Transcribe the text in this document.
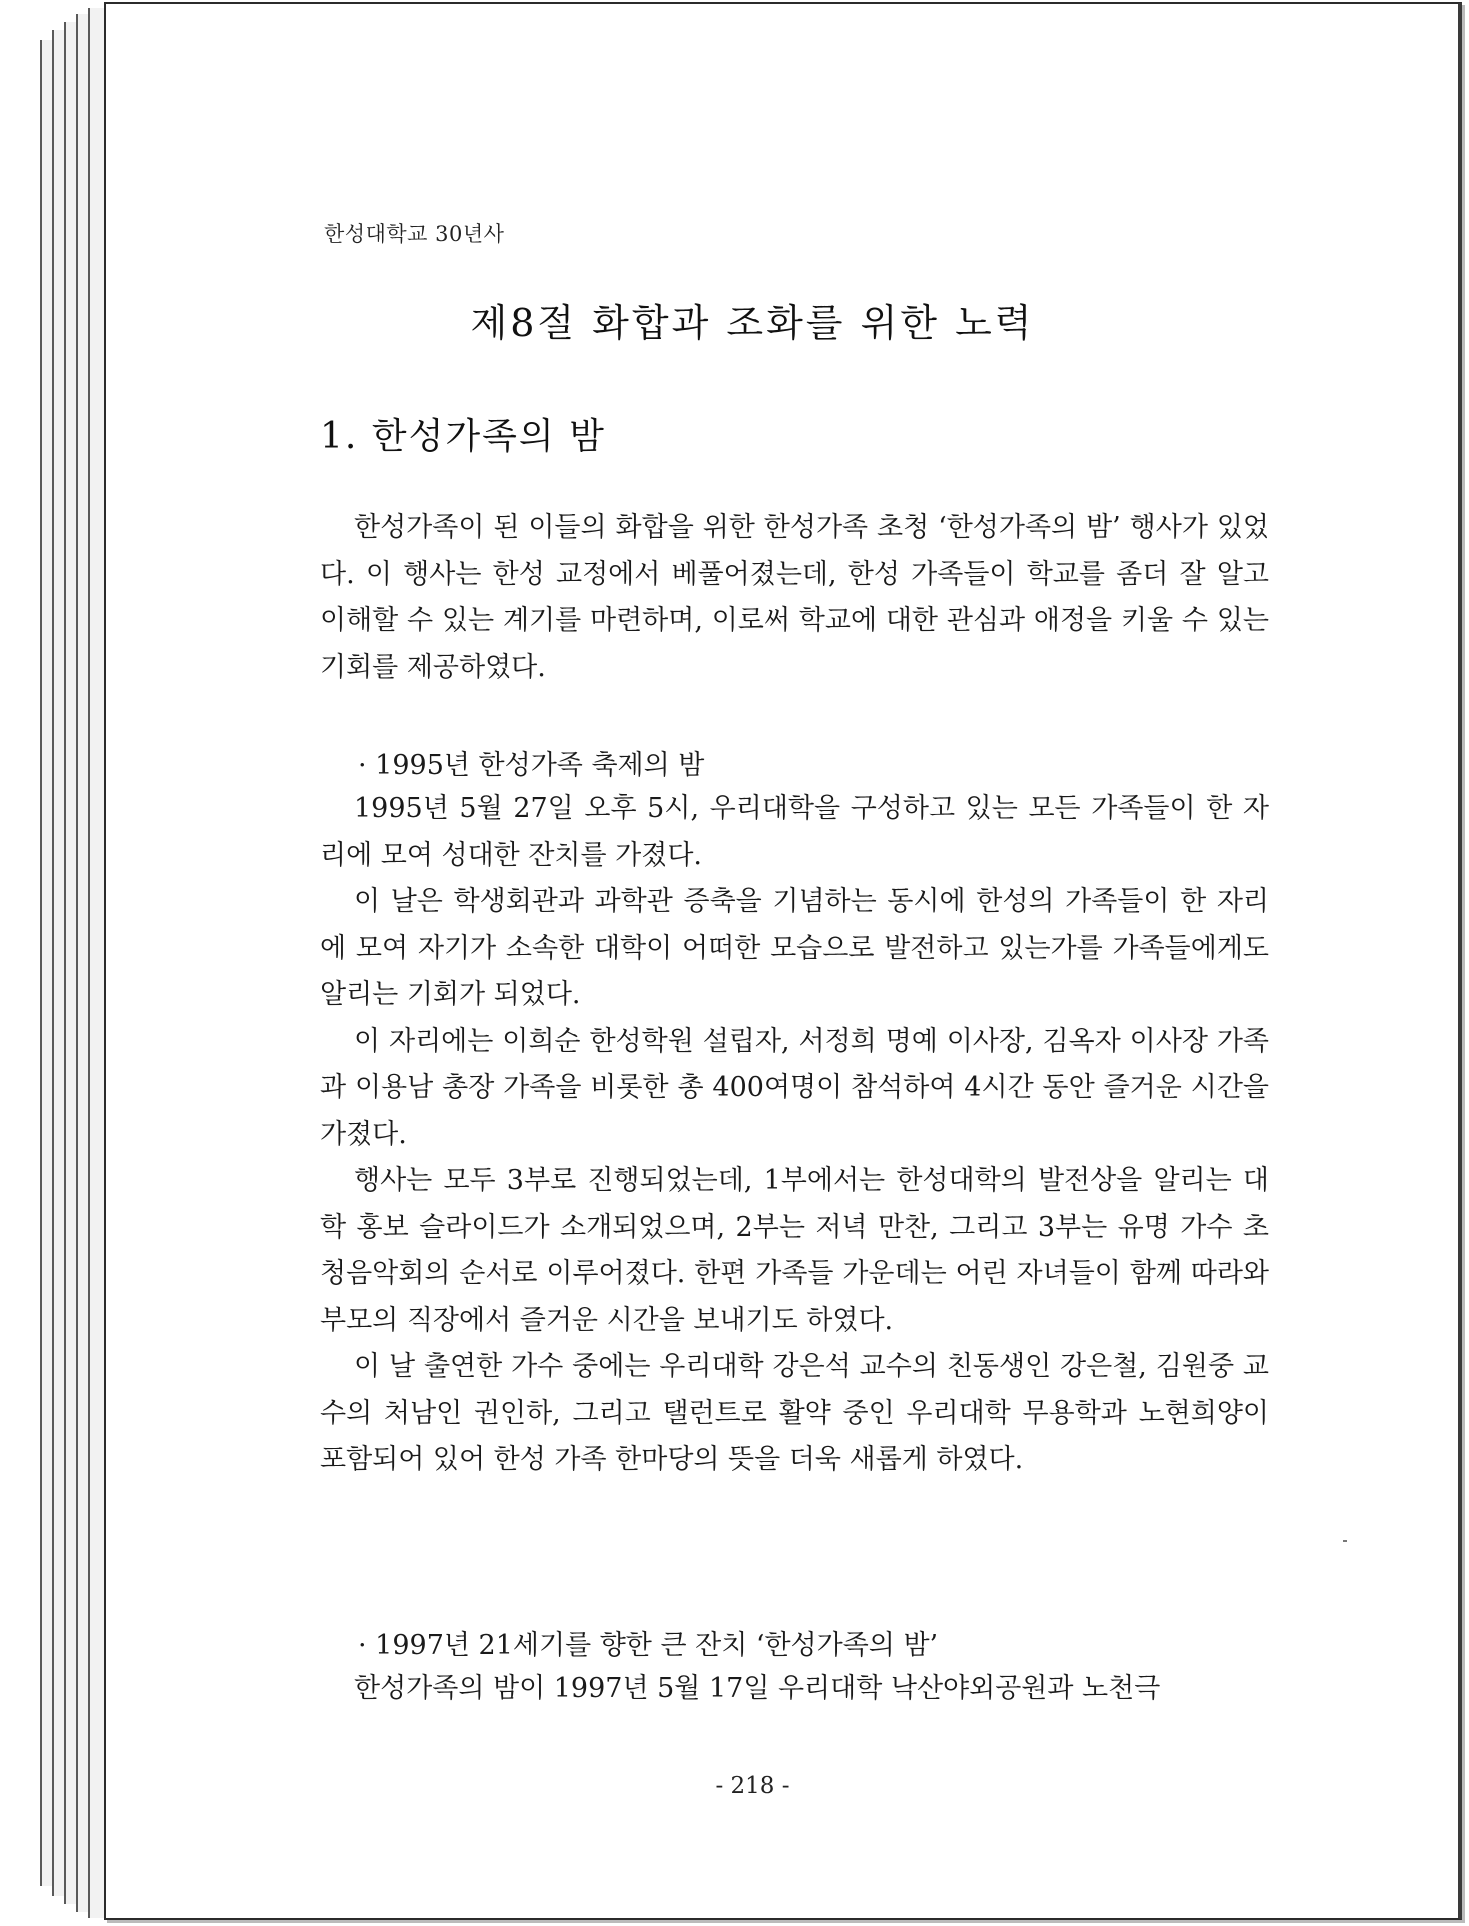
한성대학교 30년사
제8절 화합과 조화를 위한 노력
1. 한성가족의 밤

한성가족이 된 이들의 화합을 위한 한성가족 초청 ‘한성가족의 밤’ 행사가 있었다. 이 행사는 한성 교정에서 베풀어졌는데, 한성 가족들이 학교를 좀더 잘 알고 이해할 수 있는 계기를 마련하며, 이로써 학교에 대한 관심과 애정을 키울 수 있는 기회를 제공하였다.

· 1995년 한성가족 축제의 밤

1995년 5월 27일 오후 5시, 우리대학을 구성하고 있는 모든 가족들이 한 자리에 모여 성대한 잔치를 가졌다.

이 날은 학생회관과 과학관 증축을 기념하는 동시에 한성의 가족들이 한 자리에 모여 자기가 소속한 대학이 어떠한 모습으로 발전하고 있는가를 가족들에게도 알리는 기회가 되었다.

이 자리에는 이희순 한성학원 설립자, 서정희 명예 이사장, 김옥자 이사장 가족과 이용남 총장 가족을 비롯한 총 400여명이 참석하여 4시간 동안 즐거운 시간을 가졌다.

행사는 모두 3부로 진행되었는데, 1부에서는 한성대학의 발전상을 알리는 대학 홍보 슬라이드가 소개되었으며, 2부는 저녁 만찬, 그리고 3부는 유명 가수 초청음악회의 순서로 이루어졌다. 한편 가족들 가운데는 어린 자녀들이 함께 따라와 부모의 직장에서 즐거운 시간을 보내기도 하였다.

이 날 출연한 가수 중에는 우리대학 강은석 교수의 친동생인 강은철, 김원중 교수의 처남인 권인하, 그리고 탤런트로 활약 중인 우리대학 무용학과 노현희양이 포함되어 있어 한성 가족 한마당의 뜻을 더욱 새롭게 하였다.

· 1997년 21세기를 향한 큰 잔치 ‘한성가족의 밤’

한성가족의 밤이 1997년 5월 17일 우리대학 낙산야외공원과 노천극

- 218 -
